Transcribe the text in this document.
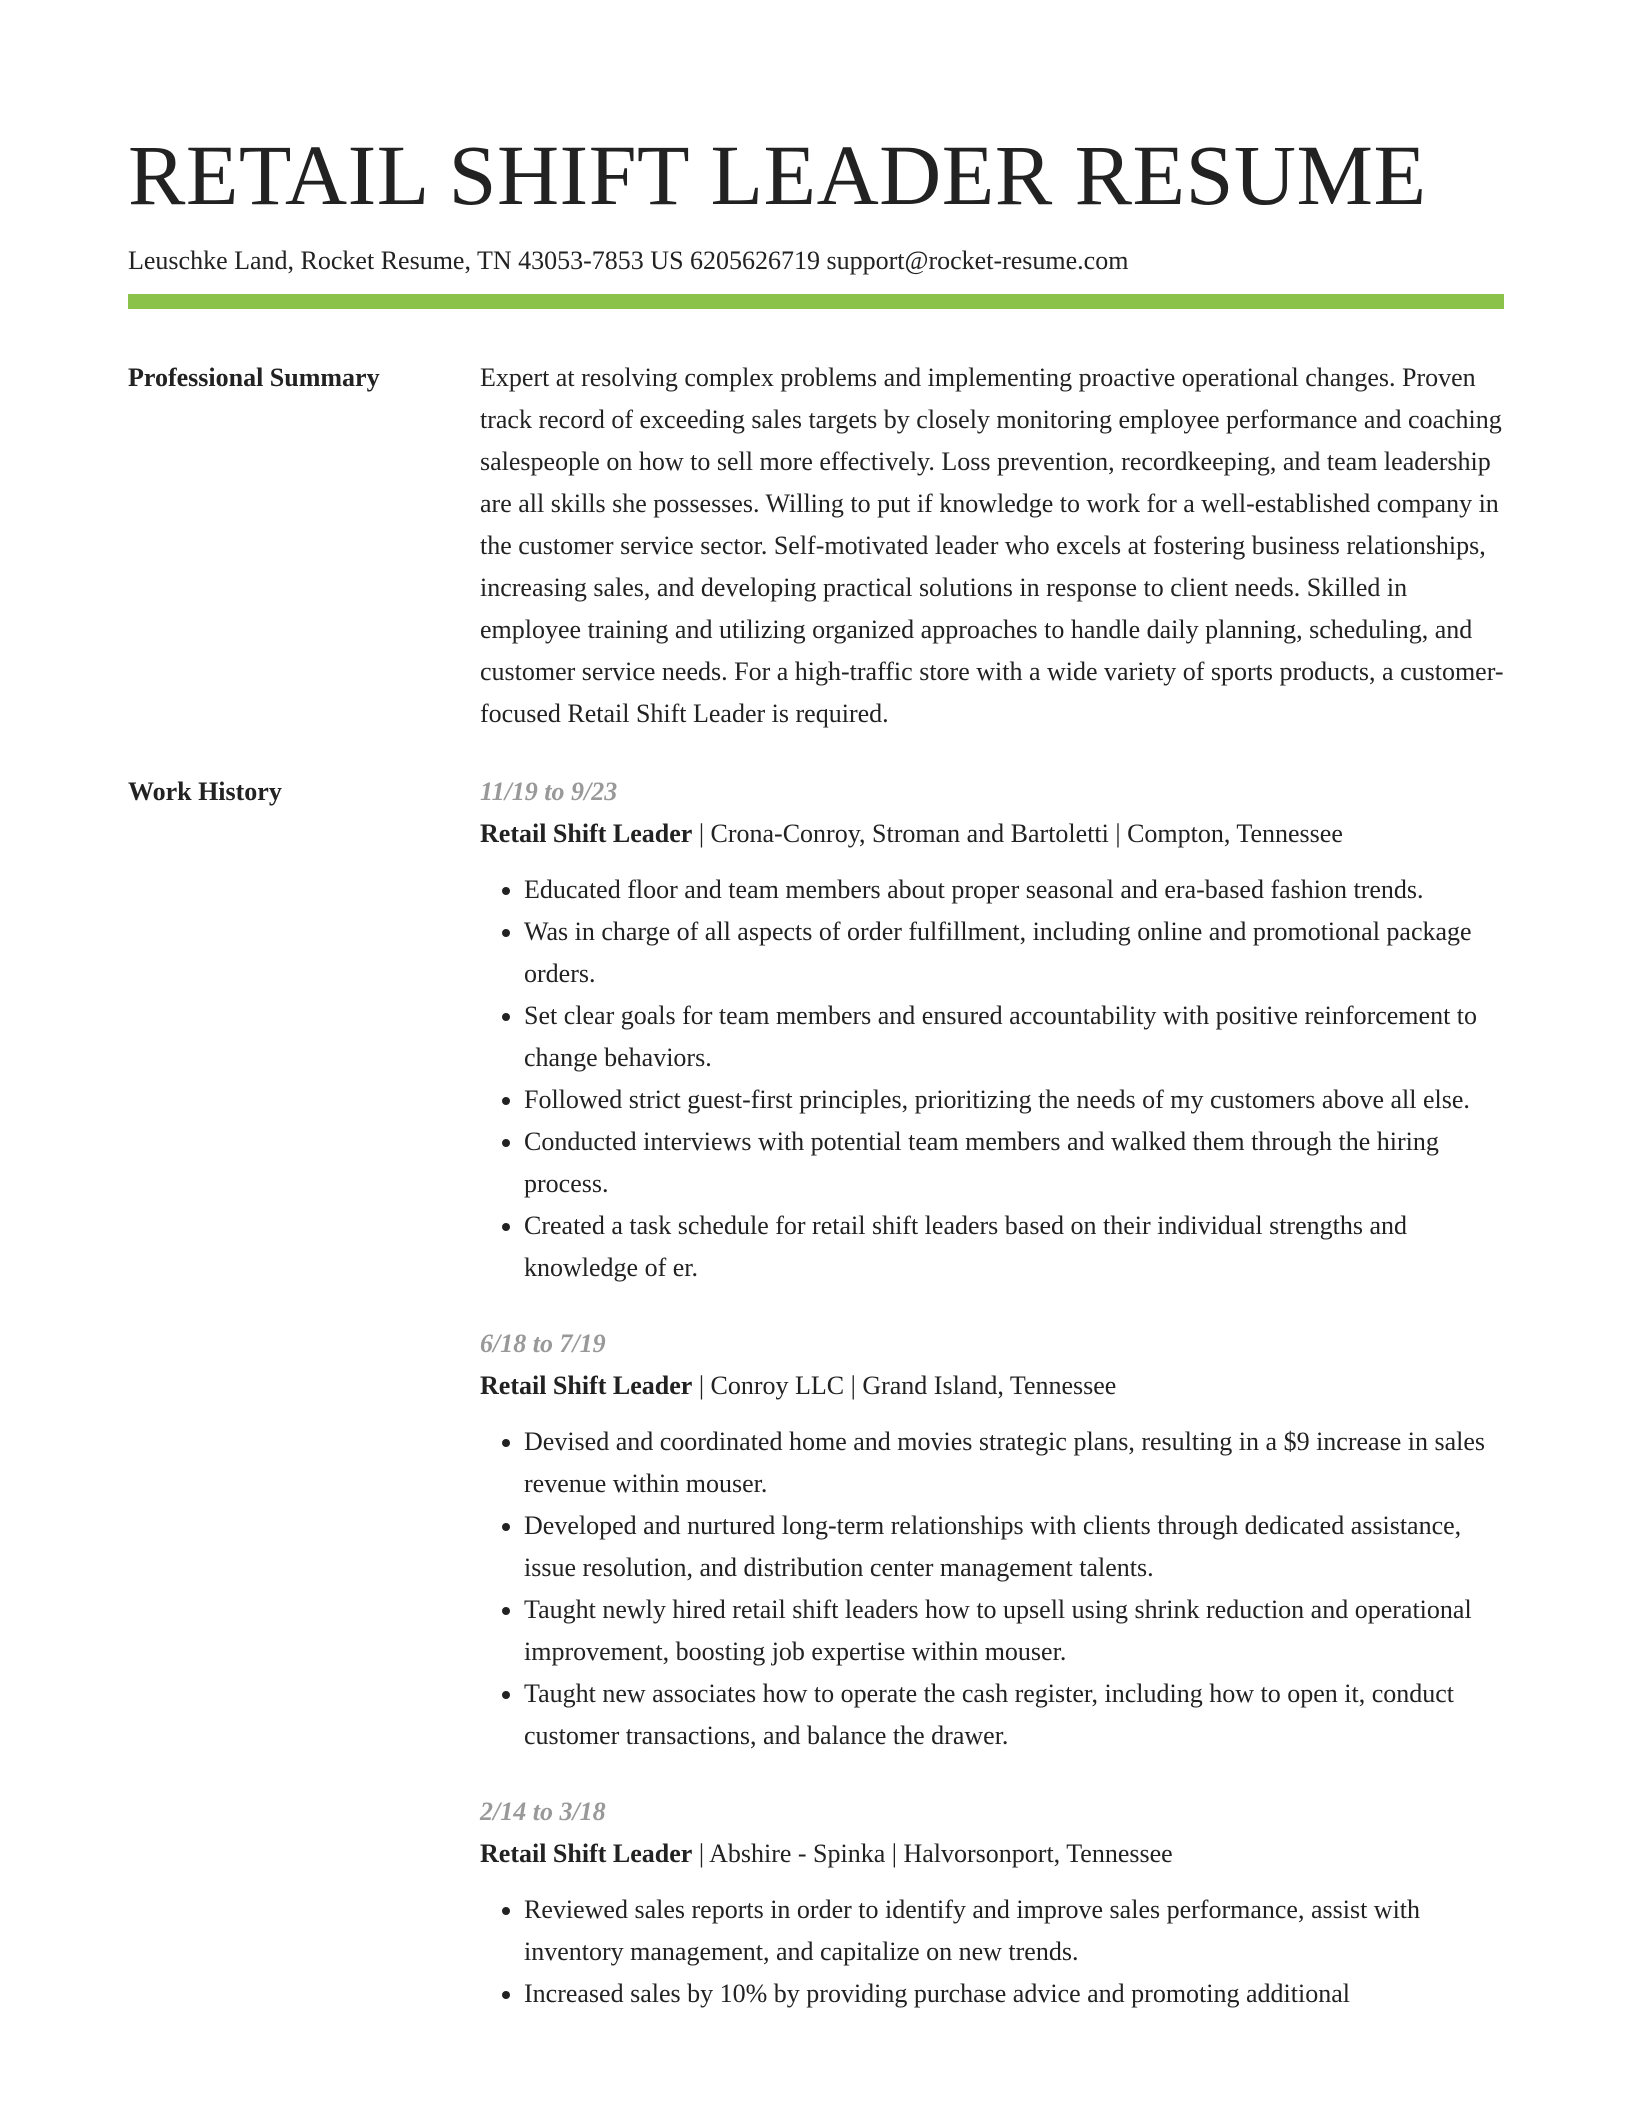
RETAIL SHIFT LEADER RESUME
Leuschke Land, Rocket Resume, TN 43053-7853 US 6205626719 support@rocket-resume.com
Professional Summary	Expert at resolving complex problems and implementing proactive operational changes. Proven track record of exceeding sales targets by closely monitoring employee performance and coaching salespeople on how to sell more effectively. Loss prevention, recordkeeping, and team leadership are all skills she possesses. Willing to put if knowledge to work for a well-established company in the customer service sector. Self-motivated leader who excels at fostering business relationships, increasing sales, and developing practical solutions in response to client needs. Skilled in employee training and utilizing organized approaches to handle daily planning, scheduling, and customer service needs. For a high-traffic store with a wide variety of sports products, a customer-focused Retail Shift Leader is required.

Work History	11/19 to 9/23
Retail Shift Leader | Crona-Conroy, Stroman and Bartoletti | Compton, Tennessee
• Educated floor and team members about proper seasonal and era-based fashion trends.
• Was in charge of all aspects of order fulfillment, including online and promotional package orders.
• Set clear goals for team members and ensured accountability with positive reinforcement to change behaviors.
• Followed strict guest-first principles, prioritizing the needs of my customers above all else.
• Conducted interviews with potential team members and walked them through the hiring process.
• Created a task schedule for retail shift leaders based on their individual strengths and knowledge of er.
6/18 to 7/19
Retail Shift Leader | Conroy LLC | Grand Island, Tennessee
• Devised and coordinated home and movies strategic plans, resulting in a $9 increase in sales revenue within mouser.
• Developed and nurtured long-term relationships with clients through dedicated assistance, issue resolution, and distribution center management talents.
• Taught newly hired retail shift leaders how to upsell using shrink reduction and operational improvement, boosting job expertise within mouser.
• Taught new associates how to operate the cash register, including how to open it, conduct customer transactions, and balance the drawer.
2/14 to 3/18
Retail Shift Leader | Abshire - Spinka | Halvorsonport, Tennessee
• Reviewed sales reports in order to identify and improve sales performance, assist with inventory management, and capitalize on new trends.
• Increased sales by 10% by providing purchase advice and promoting additional
